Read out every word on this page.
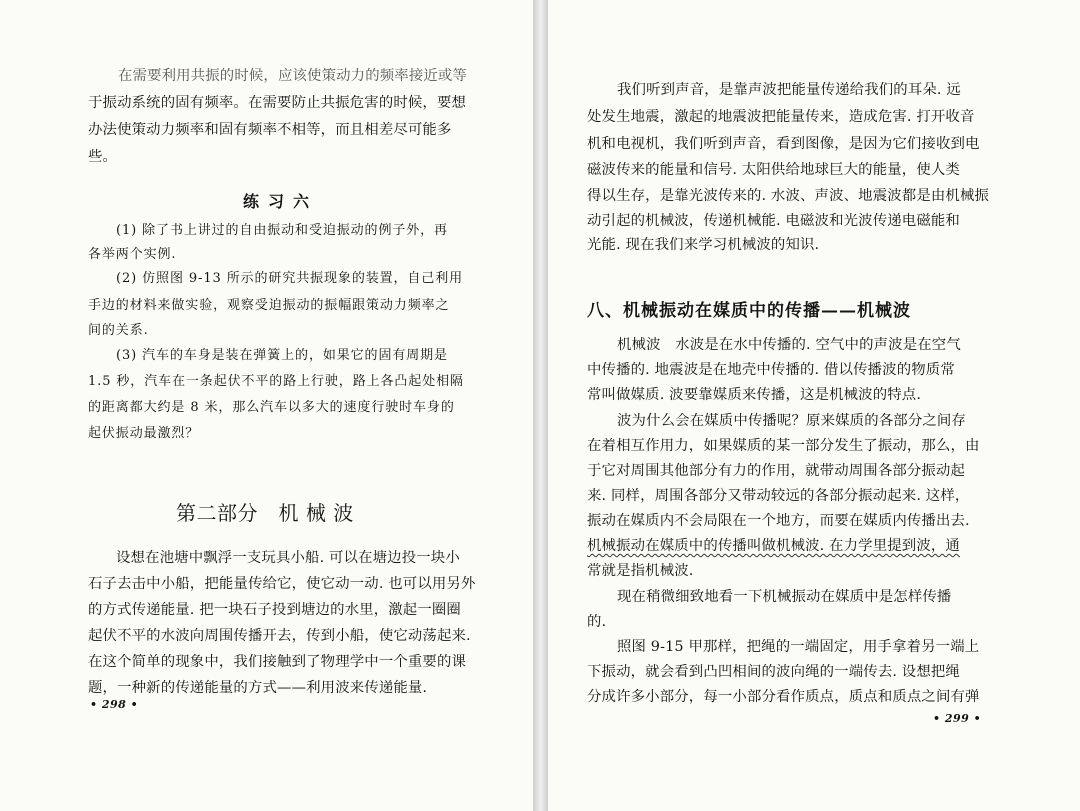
在需要利用共振的时候，应该使策动力的频率接近或等
于振动系统的固有频率。在需要防止共振危害的时候，要想
办法使策动力频率和固有频率不相等，而且相差尽可能多
些。
练习六
(1) 除了书上讲过的自由振动和受迫振动的例子外，再
各举两个实例.
(2) 仿照图 9-13 所示的研究共振现象的装置，自己利用
手边的材料来做实验，观察受迫振动的振幅跟策动力频率之
间的关系.
(3) 汽车的车身是装在弹簧上的，如果它的固有周期是
1.5 秒，汽车在一条起伏不平的路上行驶，路上各凸起处相隔
的距离都大约是 8 米，那么汽车以多大的速度行驶时车身的
起伏振动最激烈？
第二部分　机 械 波
设想在池塘中飘浮一支玩具小船. 可以在塘边投一块小
石子去击中小船，把能量传给它，使它动一动. 也可以用另外
的方式传递能量. 把一块石子投到塘边的水里，激起一圈圈
起伏不平的水波向周围传播开去，传到小船，使它动荡起来.
在这个简单的现象中，我们接触到了物理学中一个重要的课
题，一种新的传递能量的方式——利用波来传递能量.
• 298 •
我们听到声音，是靠声波把能量传递给我们的耳朵. 远
处发生地震，激起的地震波把能量传来，造成危害. 打开收音
机和电视机，我们听到声音，看到图像，是因为它们接收到电
磁波传来的能量和信号. 太阳供给地球巨大的能量，使人类
得以生存，是靠光波传来的. 水波、声波、地震波都是由机械振
动引起的机械波，传递机械能. 电磁波和光波传递电磁能和
光能. 现在我们来学习机械波的知识.
八、机械振动在媒质中的传播——机械波
机械波　水波是在水中传播的. 空气中的声波是在空气
中传播的. 地震波是在地壳中传播的. 借以传播波的物质常
常叫做媒质. 波要靠媒质来传播，这是机械波的特点.
波为什么会在媒质中传播呢？原来媒质的各部分之间存
在着相互作用力，如果媒质的某一部分发生了振动，那么，由
于它对周围其他部分有力的作用，就带动周围各部分振动起
来. 同样，周围各部分又带动较远的各部分振动起来. 这样，
振动在媒质内不会局限在一个地方，而要在媒质内传播出去.
机械振动在媒质中的传播叫做机械波. 在力学里提到波，通
常就是指机械波.
现在稍微细致地看一下机械振动在媒质中是怎样传播
的.
照图 9-15 甲那样，把绳的一端固定，用手拿着另一端上
下振动，就会看到凸凹相间的波向绳的一端传去. 设想把绳
分成许多小部分，每一小部分看作质点，质点和质点之间有弹
• 299 •
